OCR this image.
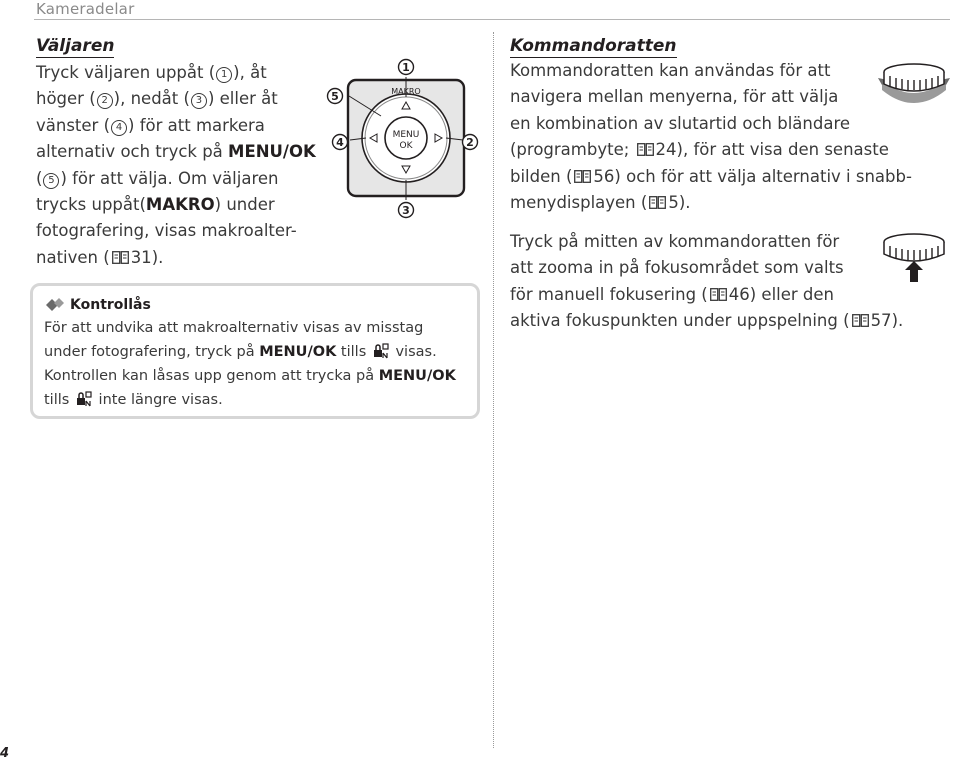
Kameradelar
Väljaren
Tryck väljaren uppåt ( 1 ), åt
höger ( 2 ), nedåt ( 3 ) eller åt
vänster ( 4 ) för att markera
alternativ och tryck på MENU/OK
( 5 ) för att välja. Om väljaren
trycks uppåt(MAKRO) under
fotografering, visas makroalter-
nativen ( 31).
1
2
3
4
5	MAKRO
MENU
OK
Kontrollås
För att undvika att makroalternativ visas av misstag
under fotografering, tryck på MENU/OK tills  visas.
Kontrollen kan låsas upp genom att trycka på MENU/OK
tills  inte längre visas.
Kommandoratten
Kommandoratten kan användas för att
navigera mellan menyerna, för att välja
en kombination av slutartid och bländare
(programbyte; 24), för att visa den senaste
bilden ( 56) och för att välja alternativ i snabb-
menydisplayen ( 5).
Tryck på mitten av kommandoratten för
att zooma in på fokusområdet som valts
för manuell fokusering ( 46) eller den
aktiva fokuspunkten under uppspelning ( 57).
4
